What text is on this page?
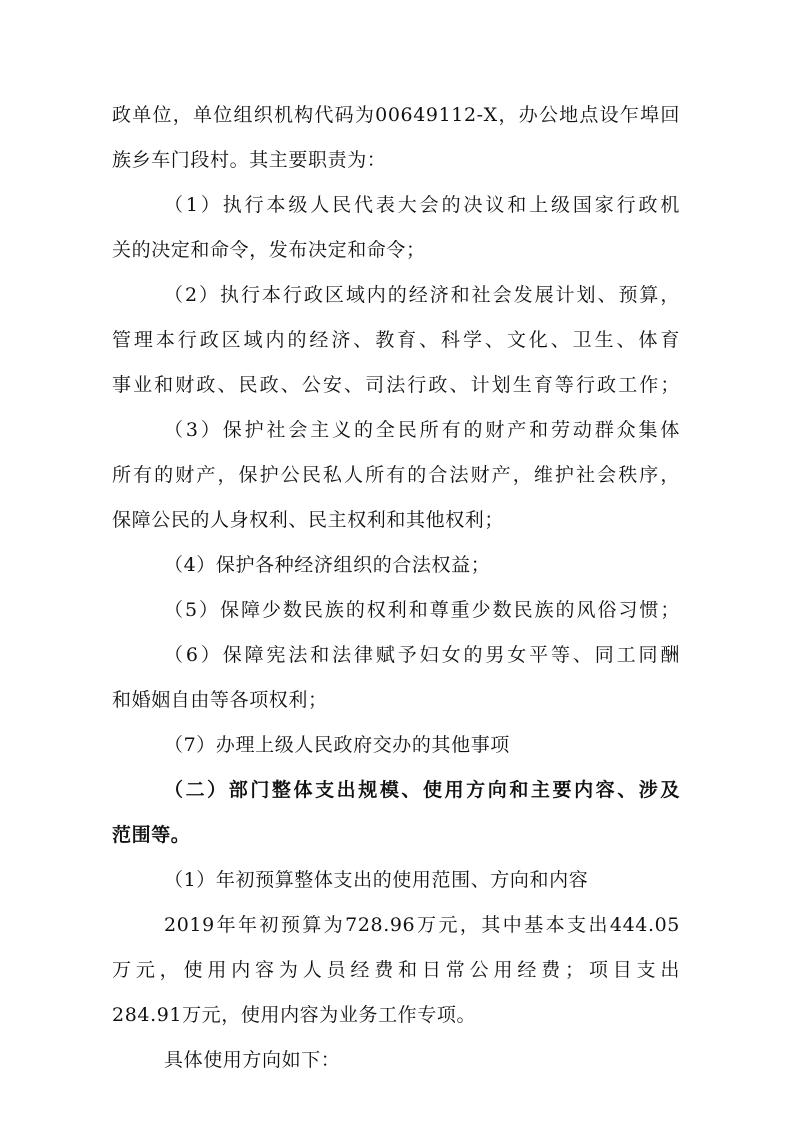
政单位，单位组织机构代码为00649112-X，办公地点设乍埠回
族乡车门段村。其主要职责为：
（1）执行本级人民代表大会的决议和上级国家行政机
关的决定和命令，发布决定和命令；
（2）执行本行政区域内的经济和社会发展计划、预算，
管理本行政区域内的经济、教育、科学、文化、卫生、体育
事业和财政、民政、公安、司法行政、计划生育等行政工作；
（3）保护社会主义的全民所有的财产和劳动群众集体
所有的财产，保护公民私人所有的合法财产，维护社会秩序，
保障公民的人身权利、民主权利和其他权利；
（4）保护各种经济组织的合法权益；
（5）保障少数民族的权利和尊重少数民族的风俗习惯；
（6）保障宪法和法律赋予妇女的男女平等、同工同酬
和婚姻自由等各项权利；
（7）办理上级人民政府交办的其他事项
（二）部门整体支出规模、使用方向和主要内容、涉及
范围等。
（1）年初预算整体支出的使用范围、方向和内容
2019年年初预算为728.96万元，其中基本支出444.05
万元，使用内容为人员经费和日常公用经费；项目支出
284.91万元，使用内容为业务工作专项。
具体使用方向如下：
